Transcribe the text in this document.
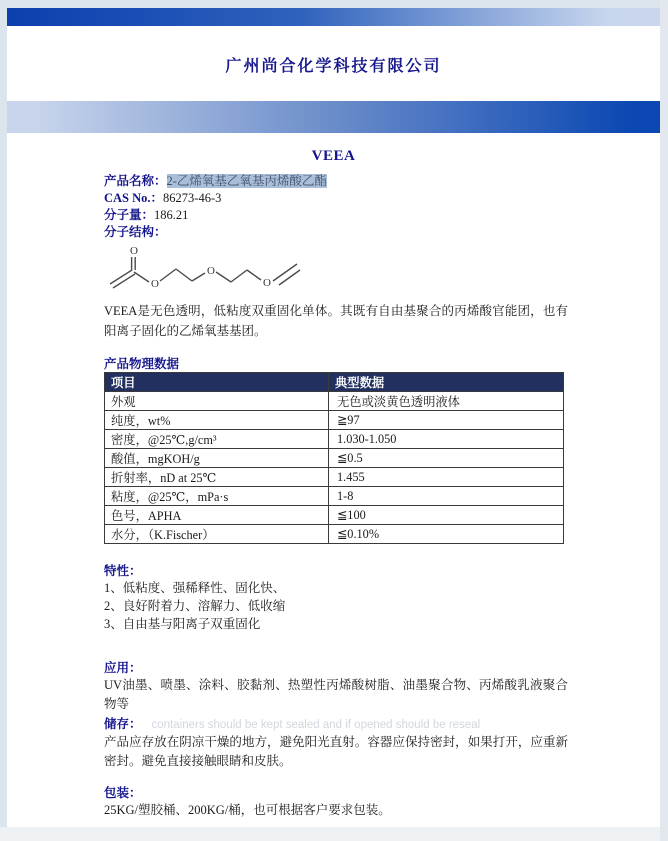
广州尚合化学科技有限公司
VEEA
产品名称：2-乙烯氧基乙氧基丙烯酸乙酯
CAS No.：86273-46-3
分子量：186.21
分子结构：
O
O
O
O

VEEA是无色透明，低粘度双重固化单体。其既有自由基聚合的丙烯酸官能团，也有阳离子固化的乙烯氧基基团。

产品物理数据
项目	典型数据
外观	无色或淡黄色透明液体
纯度，wt%	≧97
密度，@25℃,g/cm³	1.030-1.050
酸值，mgKOH/g	≦0.5
折射率，nD at 25℃	1.455
粘度，@25℃，mPa·s	1-8
色号，APHA	≦100
水分，（K.Fischer）	≦0.10%
特性：
1、低粘度、强稀释性、固化快、
2、良好附着力、溶解力、低收缩
3、自由基与阳离子双重固化
应用：

UV油墨、喷墨、涂料、胶黏剂、热塑性丙烯酸树脂、油墨聚合物、丙烯酸乳液聚合物等

储存： containers should be kept sealed and if opened should be reseal

产品应存放在阴凉干燥的地方，避免阳光直射。容器应保持密封，如果打开，应重新密封。避免直接接触眼睛和皮肤。

包装：

25KG/塑胶桶、200KG/桶，也可根据客户要求包装。
